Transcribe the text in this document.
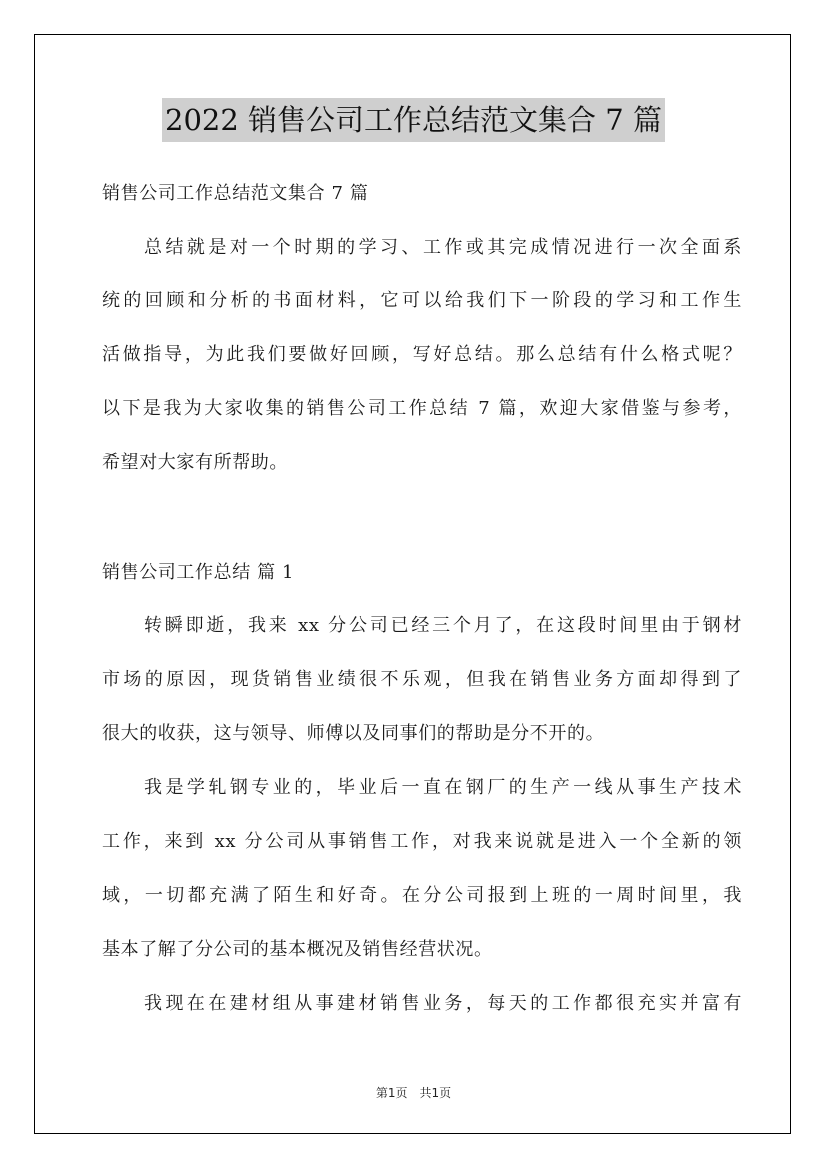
2022 销售公司工作总结范文集合 7 篇
销售公司工作总结范文集合 7 篇
总结就是对一个时期的学习、工作或其完成情况进行一次全面系
统的回顾和分析的书面材料，它可以给我们下一阶段的学习和工作生
活做指导，为此我们要做好回顾，写好总结。那么总结有什么格式呢？
以下是我为大家收集的销售公司工作总结 7 篇，欢迎大家借鉴与参考，
希望对大家有所帮助。
销售公司工作总结 篇 1
转瞬即逝，我来 xx 分公司已经三个月了，在这段时间里由于钢材
市场的原因，现货销售业绩很不乐观，但我在销售业务方面却得到了
很大的收获，这与领导、师傅以及同事们的帮助是分不开的。
我是学轧钢专业的，毕业后一直在钢厂的生产一线从事生产技术
工作，来到 xx 分公司从事销售工作，对我来说就是进入一个全新的领
域，一切都充满了陌生和好奇。在分公司报到上班的一周时间里，我
基本了解了分公司的基本概况及销售经营状况。
我现在在建材组从事建材销售业务，每天的工作都很充实并富有
第1页　共1页
